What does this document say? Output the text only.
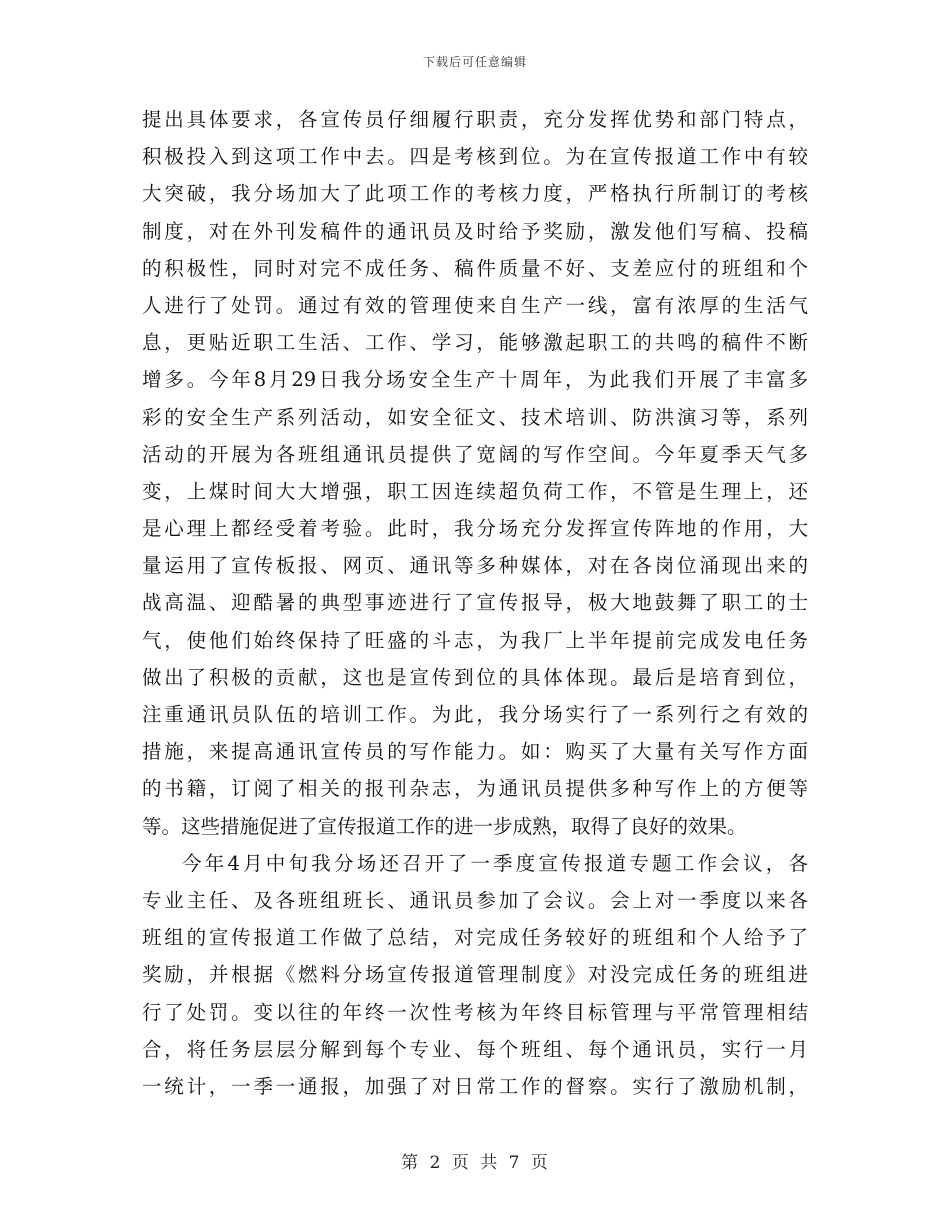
下载后可任意编辑
提出具体要求，各宣传员仔细履行职责，充分发挥优势和部门特点，
积极投入到这项工作中去。四是考核到位。为在宣传报道工作中有较
大突破，我分场加大了此项工作的考核力度，严格执行所制订的考核
制度，对在外刊发稿件的通讯员及时给予奖励，激发他们写稿、投稿
的积极性，同时对完不成任务、稿件质量不好、支差应付的班组和个
人进行了处罚。通过有效的管理使来自生产一线，富有浓厚的生活气
息，更贴近职工生活、工作、学习，能够激起职工的共鸣的稿件不断
增多。今年8月29日我分场安全生产十周年，为此我们开展了丰富多
彩的安全生产系列活动，如安全征文、技术培训、防洪演习等，系列
活动的开展为各班组通讯员提供了宽阔的写作空间。今年夏季天气多
变，上煤时间大大增强，职工因连续超负荷工作，不管是生理上，还
是心理上都经受着考验。此时，我分场充分发挥宣传阵地的作用，大
量运用了宣传板报、网页、通讯等多种媒体，对在各岗位涌现出来的
战高温、迎酷暑的典型事迹进行了宣传报导，极大地鼓舞了职工的士
气，使他们始终保持了旺盛的斗志，为我厂上半年提前完成发电任务
做出了积极的贡献，这也是宣传到位的具体体现。最后是培育到位，
注重通讯员队伍的培训工作。为此，我分场实行了一系列行之有效的
措施，来提高通讯宣传员的写作能力。如：购买了大量有关写作方面
的书籍，订阅了相关的报刊杂志，为通讯员提供多种写作上的方便等
等。这些措施促进了宣传报道工作的进一步成熟，取得了良好的效果。
今年4月中旬我分场还召开了一季度宣传报道专题工作会议，各
专业主任、及各班组班长、通讯员参加了会议。会上对一季度以来各
班组的宣传报道工作做了总结，对完成任务较好的班组和个人给予了
奖励，并根据《燃料分场宣传报道管理制度》对没完成任务的班组进
行了处罚。变以往的年终一次性考核为年终目标管理与平常管理相结
合，将任务层层分解到每个专业、每个班组、每个通讯员，实行一月
一统计，一季一通报，加强了对日常工作的督察。实行了激励机制，
第 2 页 共 7 页
